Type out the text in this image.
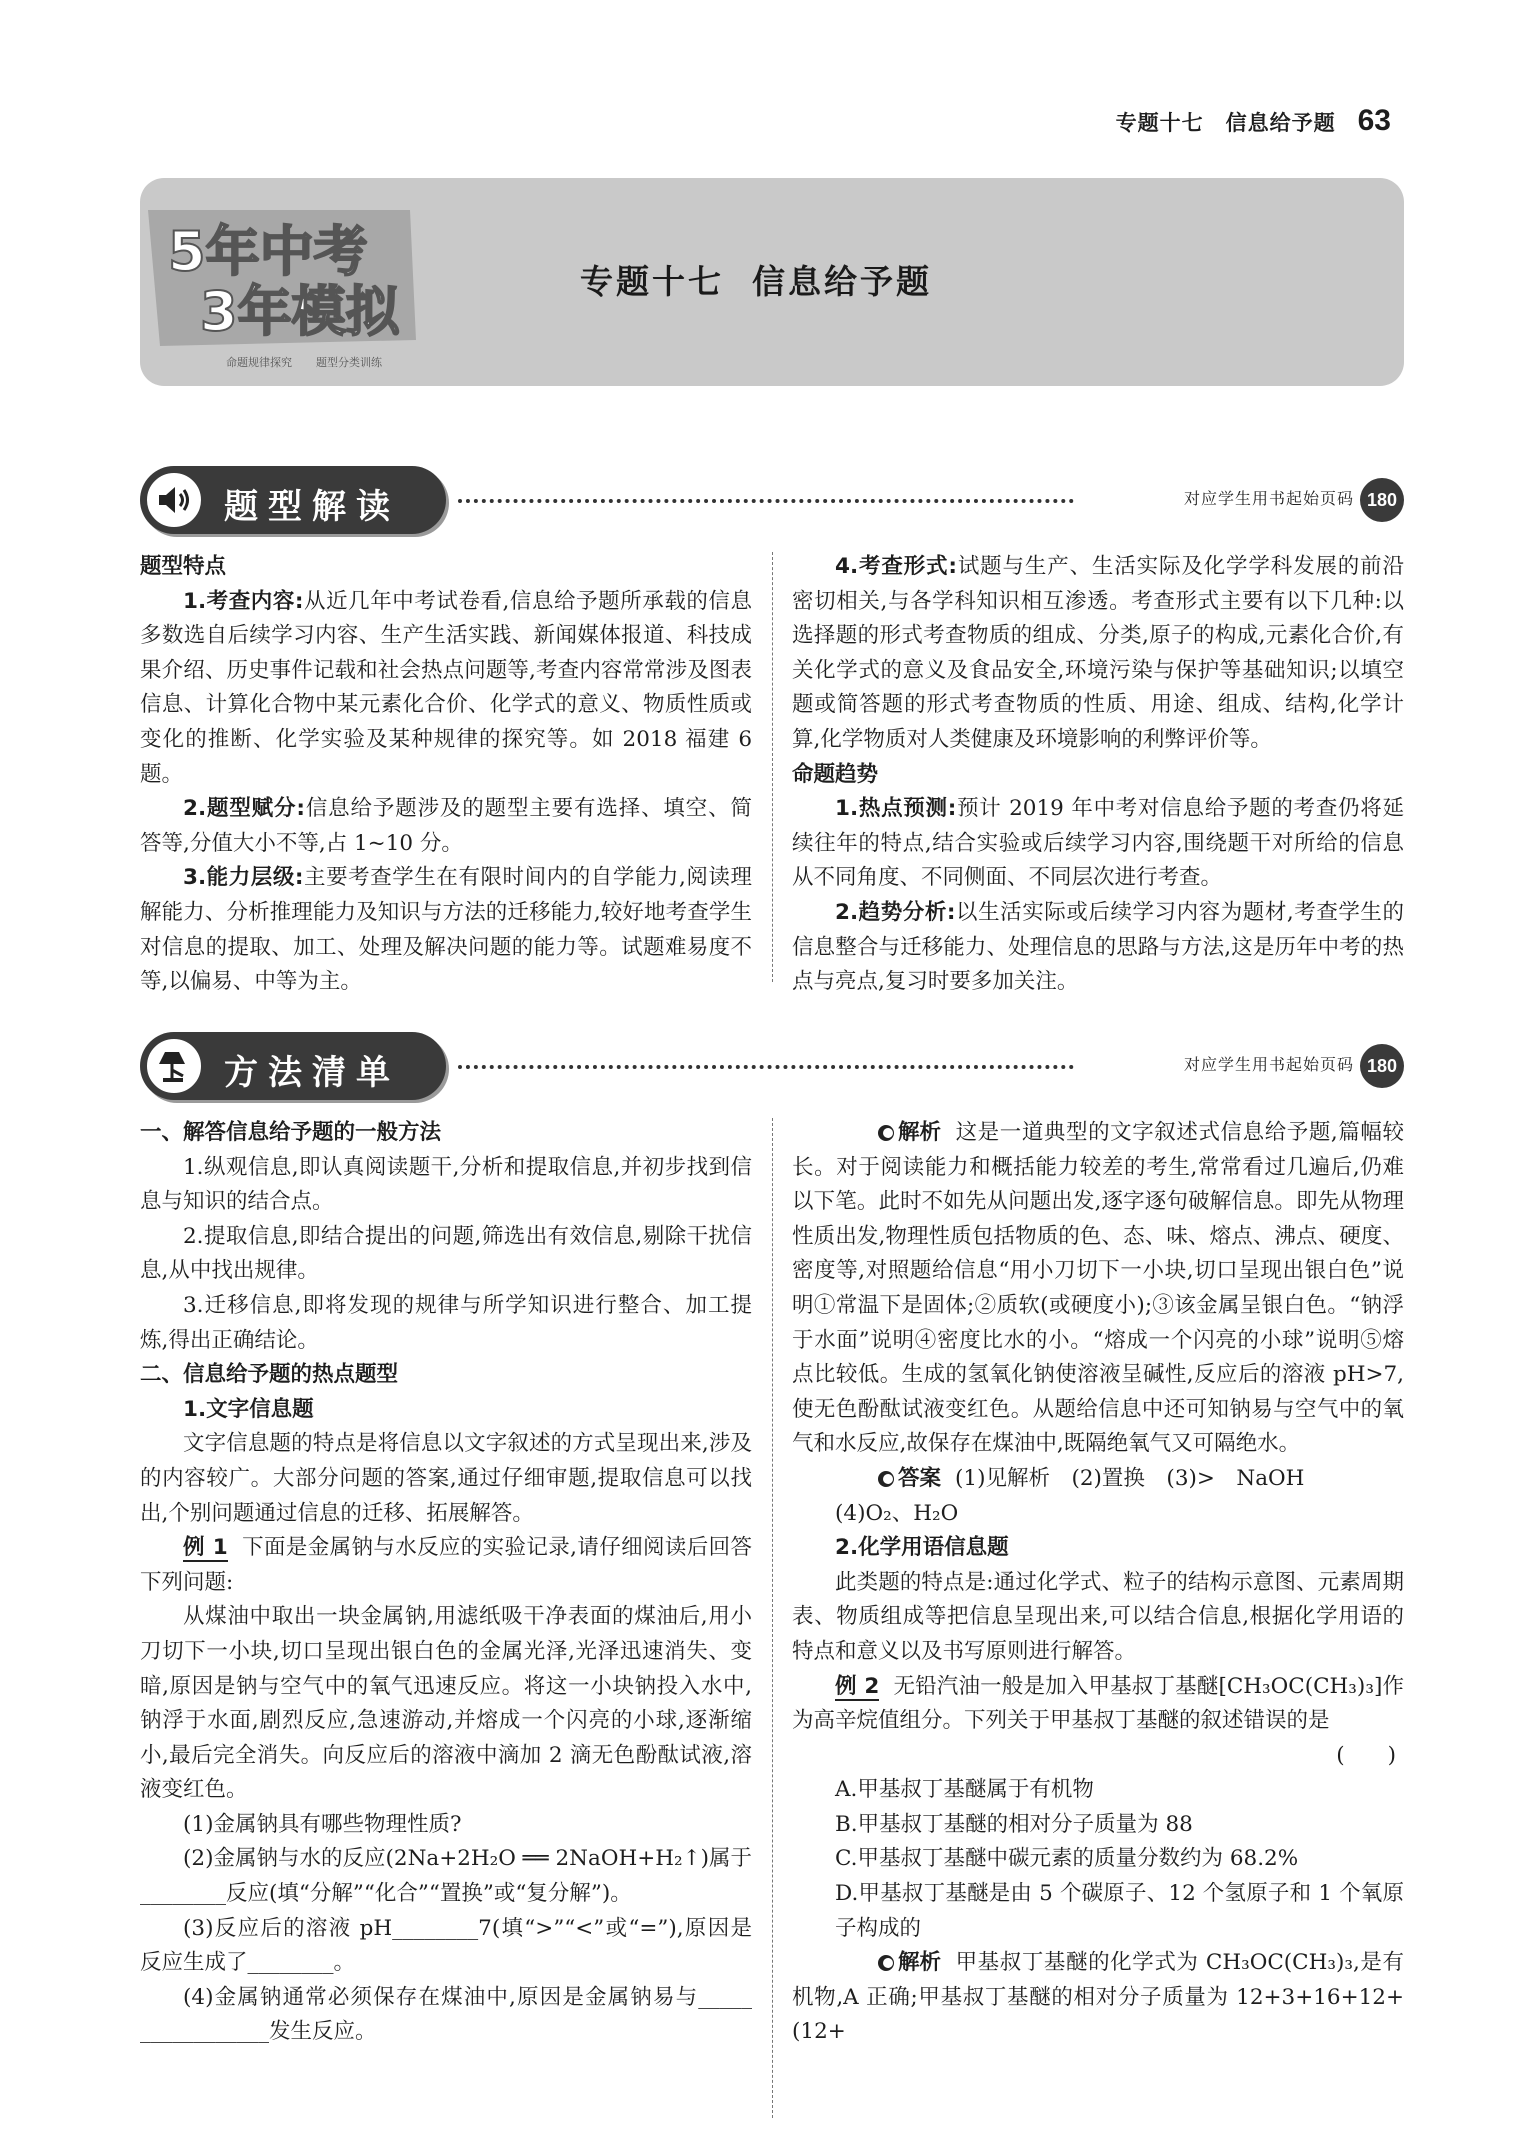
专题十七　信息给予题 63
5年中考
3年模拟
命题规律探究 题型分类训练
专题十七 信息给予题
题型解读	对应学生用书起始页码 180

题型特点

1.考查内容:从近几年中考试卷看,信息给予题所承载的信息多数选自后续学习内容、生产生活实践、新闻媒体报道、科技成果介绍、历史事件记载和社会热点问题等,考查内容常常涉及图表信息、计算化合物中某元素化合价、化学式的意义、物质性质或变化的推断、化学实验及某种规律的探究等。如 2018 福建 6 题。

2.题型赋分:信息给予题涉及的题型主要有选择、填空、简答等,分值大小不等,占 1~10 分。

3.能力层级:主要考查学生在有限时间内的自学能力,阅读理解能力、分析推理能力及知识与方法的迁移能力,较好地考查学生对信息的提取、加工、处理及解决问题的能力等。试题难易度不等,以偏易、中等为主。

4.考查形式:试题与生产、生活实际及化学学科发展的前沿密切相关,与各学科知识相互渗透。考查形式主要有以下几种:以选择题的形式考查物质的组成、分类,原子的构成,元素化合价,有关化学式的意义及食品安全,环境污染与保护等基础知识;以填空题或简答题的形式考查物质的性质、用途、组成、结构,化学计算,化学物质对人类健康及环境影响的利弊评价等。

命题趋势

1.热点预测:预计 2019 年中考对信息给予题的考查仍将延续往年的特点,结合实验或后续学习内容,围绕题干对所给的信息从不同角度、不同侧面、不同层次进行考查。

2.趋势分析:以生活实际或后续学习内容为题材,考查学生的信息整合与迁移能力、处理信息的思路与方法,这是历年中考的热点与亮点,复习时要多加关注。

方法清单	对应学生用书起始页码 180

一、解答信息给予题的一般方法

1.纵观信息,即认真阅读题干,分析和提取信息,并初步找到信息与知识的结合点。

2.提取信息,即结合提出的问题,筛选出有效信息,剔除干扰信息,从中找出规律。

3.迁移信息,即将发现的规律与所学知识进行整合、加工提炼,得出正确结论。

二、信息给予题的热点题型

1.文字信息题

文字信息题的特点是将信息以文字叙述的方式呈现出来,涉及的内容较广。大部分问题的答案,通过仔细审题,提取信息可以找出,个别问题通过信息的迁移、拓展解答。

例 1 下面是金属钠与水反应的实验记录,请仔细阅读后回答下列问题:

从煤油中取出一块金属钠,用滤纸吸干净表面的煤油后,用小刀切下一小块,切口呈现出银白色的金属光泽,光泽迅速消失、变暗,原因是钠与空气中的氧气迅速反应。将这一小块钠投入水中,钠浮于水面,剧烈反应,急速游动,并熔成一个闪亮的小球,逐渐缩小,最后完全消失。向反应后的溶液中滴加 2 滴无色酚酞试液,溶液变红色。

(1)金属钠具有哪些物理性质?

(2)金属钠与水的反应(2Na+2H₂O ══ 2NaOH+H₂↑)属于________反应(填“分解”“化合”“置换”或“复分解”)。

(3)反应后的溶液 pH________7(填“>”“<”或“=”),原因是反应生成了________。

(4)金属钠通常必须保存在煤油中,原因是金属钠易与_____ ____________发生反应。

解析 这是一道典型的文字叙述式信息给予题,篇幅较长。对于阅读能力和概括能力较差的考生,常常看过几遍后,仍难以下笔。此时不如先从问题出发,逐字逐句破解信息。即先从物理性质出发,物理性质包括物质的色、态、味、熔点、沸点、硬度、密度等,对照题给信息“用小刀切下一小块,切口呈现出银白色”说明①常温下是固体;②质软(或硬度小);③该金属呈银白色。“钠浮于水面”说明④密度比水的小。“熔成一个闪亮的小球”说明⑤熔点比较低。生成的氢氧化钠使溶液呈碱性,反应后的溶液 pH>7,使无色酚酞试液变红色。从题给信息中还可知钠易与空气中的氧气和水反应,故保存在煤油中,既隔绝氧气又可隔绝水。

答案 (1)见解析　(2)置换　(3)>　NaOH

(4)O₂、H₂O

2.化学用语信息题

此类题的特点是:通过化学式、粒子的结构示意图、元素周期表、物质组成等把信息呈现出来,可以结合信息,根据化学用语的特点和意义以及书写原则进行解答。

例 2 无铅汽油一般是加入甲基叔丁基醚[CH₃OC(CH₃)₃]作为高辛烷值组分。下列关于甲基叔丁基醚的叙述错误的是

(　　)

A.甲基叔丁基醚属于有机物

B.甲基叔丁基醚的相对分子质量为 88

C.甲基叔丁基醚中碳元素的质量分数约为 68.2%

D.甲基叔丁基醚是由 5 个碳原子、12 个氢原子和 1 个氧原子构成的

解析 甲基叔丁基醚的化学式为 CH₃OC(CH₃)₃,是有机物,A 正确;甲基叔丁基醚的相对分子质量为 12+3+16+12+(12+
